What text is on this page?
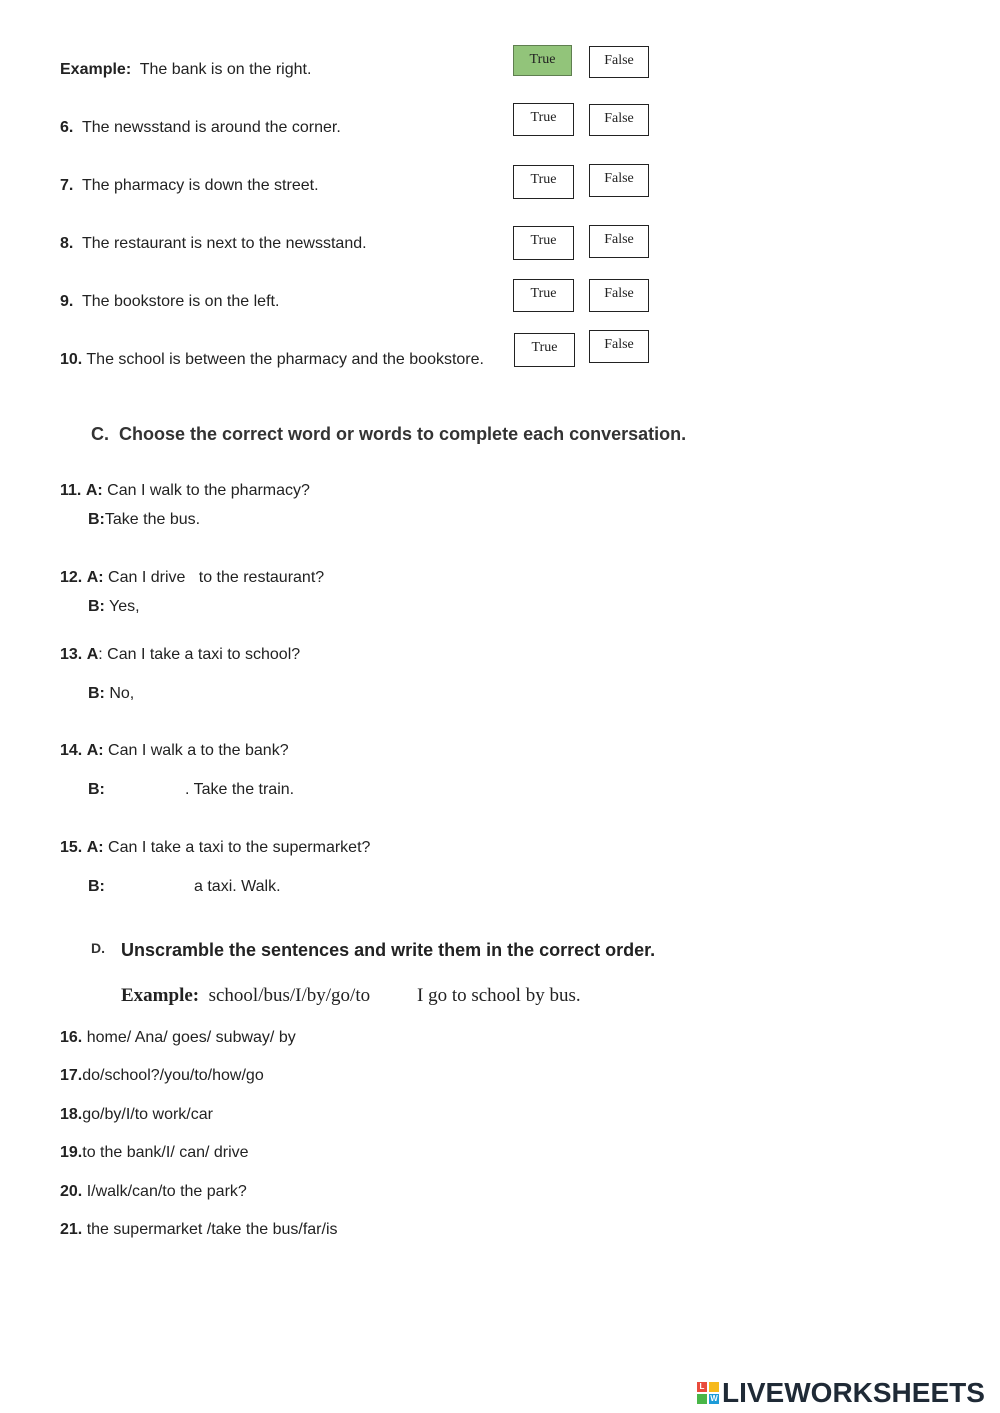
Example: The bank is on the right.
True	False
6. The newsstand is around the corner.
True	False
7. The pharmacy is down the street.	True	False
8. The restaurant is next to the newsstand.	True	False
9. The bookstore is on the left.	True	False
10. The school is between the pharmacy and the bookstore.
True	False
C. Choose the correct word or words to complete each conversation.
11. A: Can I walk to the pharmacy?
B:Take the bus.
12. A: Can I drive   to the restaurant?
B: Yes,
13. A: Can I take a taxi to school?
B: No,
14. A: Can I walk a to the bank?
B:	. Take the train.
15. A: Can I take a taxi to the supermarket?
B:	a taxi. Walk.
D. Unscramble the sentences and write them in the correct order.
Example: school/bus/I/by/go/to I go to school by bus.
16. home/ Ana/ goes/ subway/ by
17.do/school?/you/to/how/go
18.go/by/I/to work/car
19.to the bank/I/ can/ drive
20. I/walk/can/to the park?
21. the supermarket /take the bus/far/is
L
W LIVEWORKSHEETS
